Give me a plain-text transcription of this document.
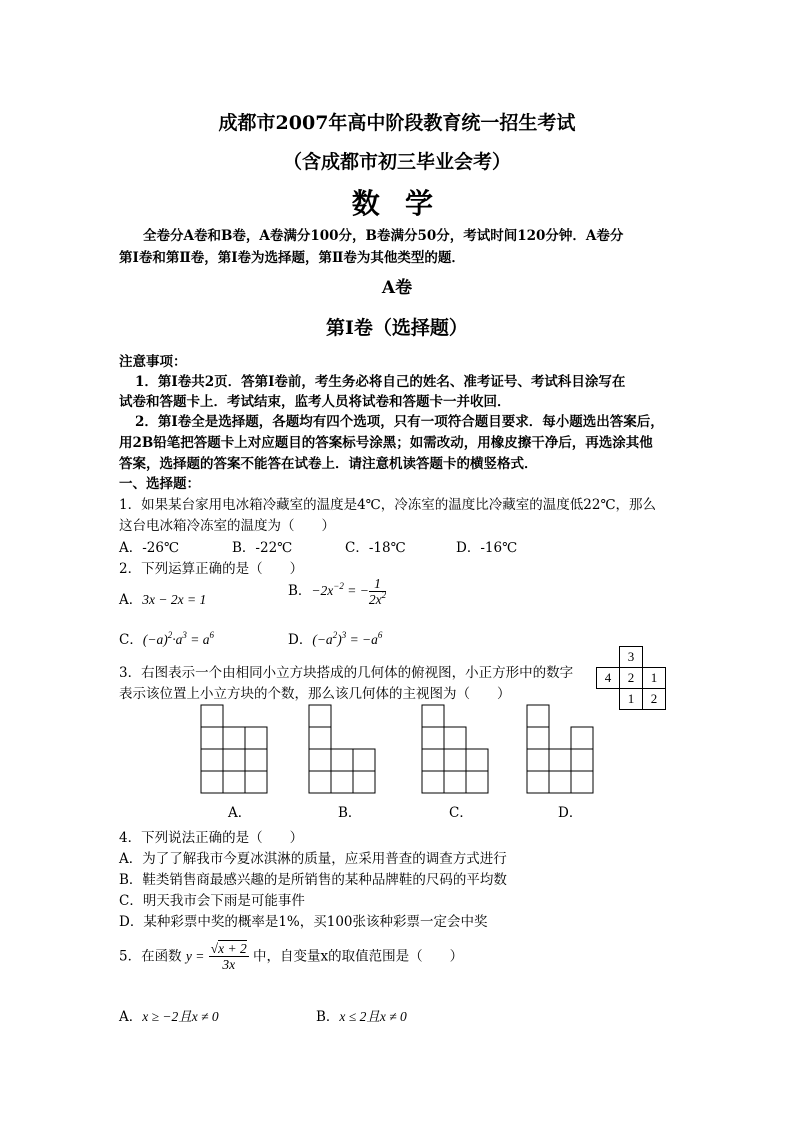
成都市2007年高中阶段教育统一招生考试
（含成都市初三毕业会考）
数学
全卷分A卷和B卷，A卷满分100分，B卷满分50分，考试时间120分钟．A卷分
第Ⅰ卷和第Ⅱ卷，第Ⅰ卷为选择题，第Ⅱ卷为其他类型的题．
A卷
第Ⅰ卷（选择题）
注意事项：
1．第Ⅰ卷共2页．答第Ⅰ卷前，考生务必将自己的姓名、准考证号、考试科目涂写在
试卷和答题卡上．考试结束，监考人员将试卷和答题卡一并收回．
2．第Ⅰ卷全是选择题，各题均有四个选项，只有一项符合题目要求．每小题选出答案后，
用2B铅笔把答题卡上对应题目的答案标号涂黑；如需改动，用橡皮擦干净后，再选涂其他
答案，选择题的答案不能答在试卷上．请注意机读答题卡的横竖格式．
一、选择题：
1．如果某台家用电冰箱冷藏室的温度是4℃，冷冻室的温度比冷藏室的温度低22℃，那么
这台电冰箱冷冻室的温度为（　　）
A．-26℃	B．-22℃	C．-18℃	D．-16℃
2．下列运算正确的是（　　）
A．3x − 2x = 1
B．$-2x^{-2}$ = − $\frac{1}{2x^2}$
C．$(-a)^2\cdot a^3 = a^6$	D．$(-a^2)^3 = -a^6$
3．右图表示一个由相同小立方块搭成的几何体的俯视图，小正方形中的数字
表示该位置上小立方块的个数，那么该几何体的主视图为（　　）
	3	
4	2	1
	1	2
A．	B．	C．	D．
4．下列说法正确的是（　　）
A．为了了解我市今夏冰淇淋的质量，应采用普查的调查方式进行
B．鞋类销售商最感兴趣的是所销售的某种品牌鞋的尺码的平均数
C．明天我市会下雨是可能事件
D．某种彩票中奖的概率是1%，买100张该种彩票一定会中奖
5．在函数 $y = \frac{√x + 2}{3x}$ 中，自变量x的取值范围是（　　）
A．x ≥ −2且x ≠ 0	B．x ≤ 2且x ≠ 0
